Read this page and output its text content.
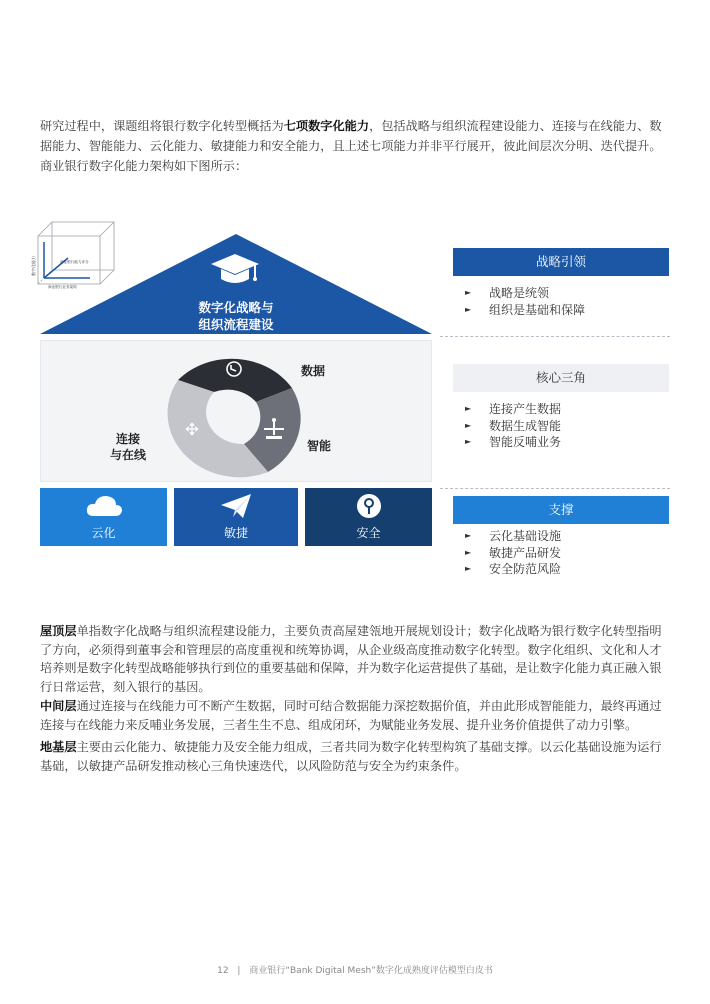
研究过程中，课题组将银行数字化转型概括为七项数字化能力，包括战略与组织流程建设能力、连接与在线能力、数据能力、智能能力、云化能力、敏捷能力和安全能力，且上述七项能力并非平行展开，彼此间层次分明、迭代提升。商业银行数字化能力架构如下图所示：

数字化能力	商业银行能力评分
商业银行业务架构
数字化战略与
组织流程建设
数据
智能
连接
与在线
云化	敏捷	安全
战略引领
► 战略是统领
► 组织是基础和保障
核心三角
► 连接产生数据
► 数据生成智能
► 智能反哺业务
支撑
► 云化基础设施
► 敏捷产品研发
► 安全防范风险

屋顶层单指数字化战略与组织流程建设能力，主要负责高屋建瓴地开展规划设计；数字化战略为银行数字化转型指明了方向，必须得到董事会和管理层的高度重视和统筹协调，从企业级高度推动数字化转型。数字化组织、文化和人才培养则是数字化转型战略能够执行到位的重要基础和保障，并为数字化运营提供了基础，是让数字化能力真正融入银行日常运营，刻入银行的基因。

中间层通过连接与在线能力可不断产生数据，同时可结合数据能力深挖数据价值，并由此形成智能能力，最终再通过连接与在线能力来反哺业务发展，三者生生不息、组成闭环，为赋能业务发展、提升业务价值提供了动力引擎。

地基层主要由云化能力、敏捷能力及安全能力组成，三者共同为数字化转型构筑了基础支撑。以云化基础设施为运行基础，以敏捷产品研发推动核心三角快速迭代，以风险防范与安全为约束条件。

12 | 商业银行“Bank Digital Mesh”数字化成熟度评估模型白皮书
